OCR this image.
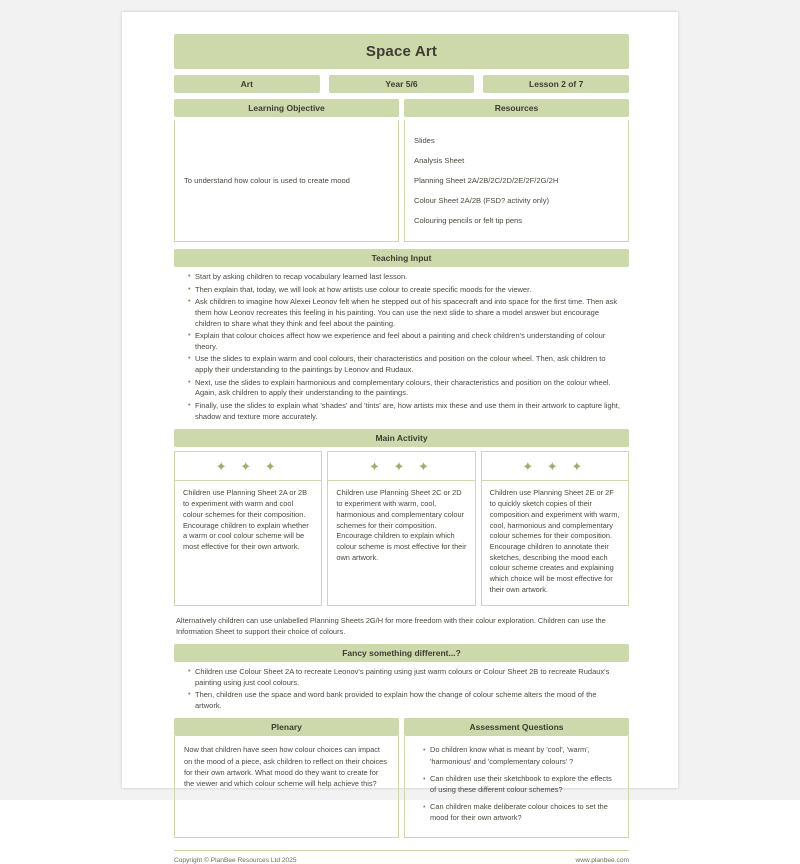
Space Art
Art	Year 5/6	Lesson 2 of 7
Learning Objective	Resources
To understand how colour is used to create mood
Slides
Analysis Sheet
Planning Sheet 2A/2B/2C/2D/2E/2F/2G/2H
Colour Sheet 2A/2B (FSD? activity only)
Colouring pencils or felt tip pens
Teaching Input
• Start by asking children to recap vocabulary learned last lesson.
• Then explain that, today, we will look at how artists use colour to create specific moods for the viewer.
• Ask children to imagine how Alexei Leonov felt when he stepped out of his spacecraft and into space for the first time. Then ask them how Leonov recreates this feeling in his painting. You can use the next slide to share a model answer but encourage children to share what they think and feel about the painting.
• Explain that colour choices affect how we experience and feel about a painting and check children's understanding of colour theory.
• Use the slides to explain warm and cool colours, their characteristics and position on the colour wheel. Then, ask children to apply their understanding to the paintings by Leonov and Rudaux.
• Next, use the slides to explain harmonious and complementary colours, their characteristics and position on the colour wheel. Again, ask children to apply their understanding to the paintings.
• Finally, use the slides to explain what 'shades' and 'tints' are, how artists mix these and use them in their artwork to capture light, shadow and texture more accurately.
Main Activity
✦ ✦ ✦
Children use Planning Sheet 2A or 2B to experiment with warm and cool colour schemes for their composition. Encourage children to explain whether a warm or cool colour scheme will be most effective for their own artwork.
✦ ✦ ✦
Children use Planning Sheet 2C or 2D to experiment with warm, cool, harmonious and complementary colour schemes for their composition. Encourage children to explain which colour scheme is most effective for their own artwork.
✦ ✦ ✦
Children use Planning Sheet 2E or 2F to quickly sketch copies of their composition and experiment with warm, cool, harmonious and complementary colour schemes for their composition. Encourage children to annotate their sketches, describing the mood each colour scheme creates and explaining which choice will be most effective for their own artwork.
Alternatively children can use unlabelled Planning Sheets 2G/H for more freedom with their colour exploration. Children can use the Information Sheet to support their choice of colours.
Fancy something different...?
• Children use Colour Sheet 2A to recreate Leonov's painting using just warm colours or Colour Sheet 2B to recreate Rudaux's painting using just cool colours.
• Then, children use the space and word bank provided to explain how the change of colour scheme alters the mood of the artwork.
Plenary	Assessment Questions
Now that children have seen how colour choices can impact on the mood of a piece, ask children to reflect on their choices for their own artwork. What mood do they want to create for the viewer and which colour scheme will help achieve this?
• Do children know what is meant by 'cool', 'warm', 'harmonious' and 'complementary colours' ?
• Can children use their sketchbook to explore the effects of using these different colour schemes?
• Can children make deliberate colour choices to set the mood for their own artwork?
Copyright © PlanBee Resources Ltd 2025	www.planbee.com
